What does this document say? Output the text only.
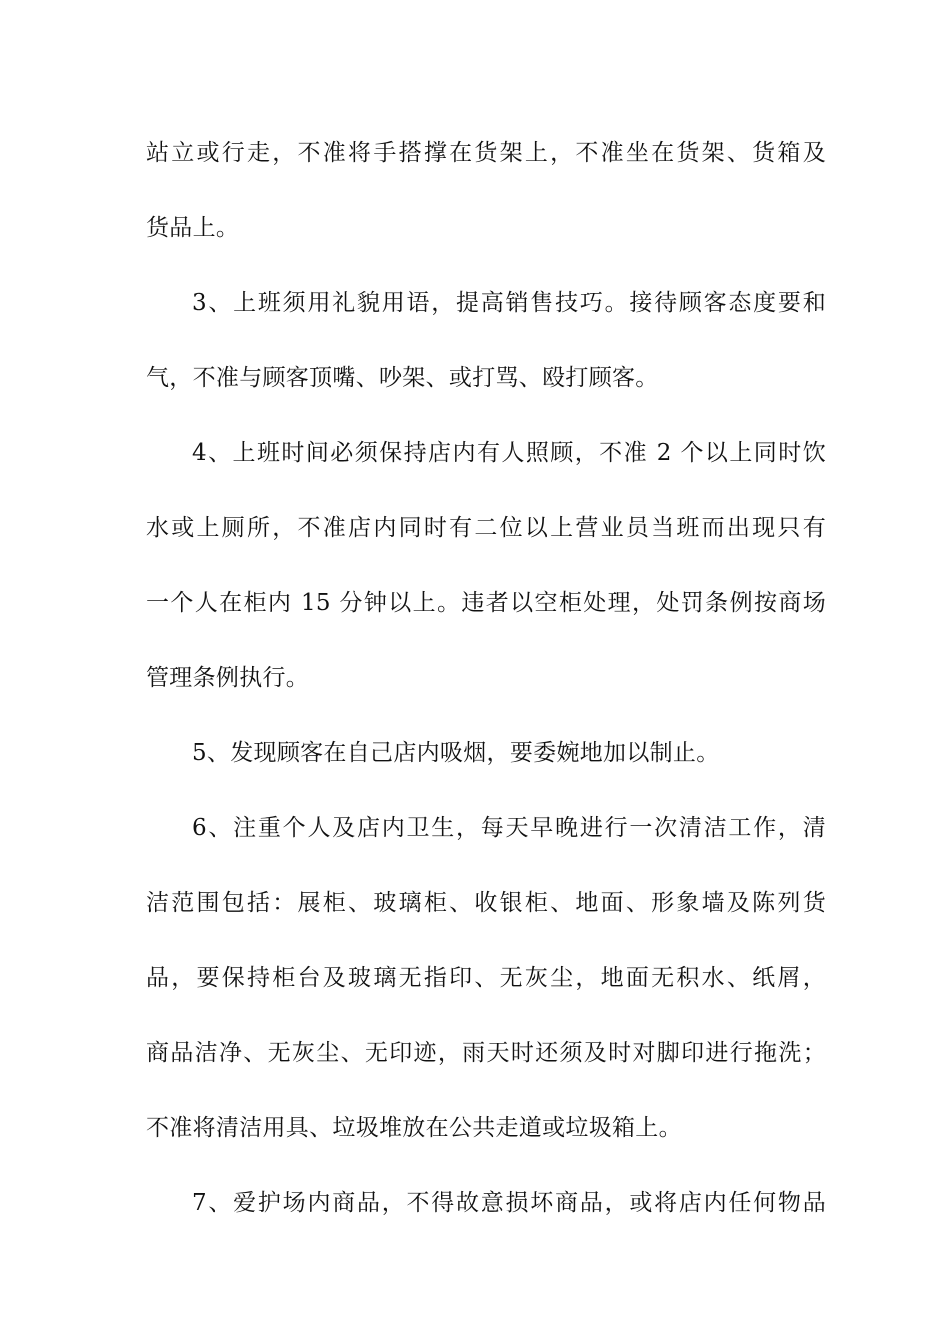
站立或行走，不准将手搭撑在货架上，不准坐在货架、货箱及
货品上。
3、上班须用礼貌用语，提高销售技巧。接待顾客态度要和
气，不准与顾客顶嘴、吵架、或打骂、殴打顾客。
4、上班时间必须保持店内有人照顾，不准 2 个以上同时饮
水或上厕所，不准店内同时有二位以上营业员当班而出现只有
一个人在柜内 15 分钟以上。违者以空柜处理，处罚条例按商场
管理条例执行。
5、发现顾客在自己店内吸烟，要委婉地加以制止。
6、注重个人及店内卫生，每天早晚进行一次清洁工作，清
洁范围包括：展柜、玻璃柜、收银柜、地面、形象墙及陈列货
品，要保持柜台及玻璃无指印、无灰尘，地面无积水、纸屑，
商品洁净、无灰尘、无印迹，雨天时还须及时对脚印进行拖洗；
不准将清洁用具、垃圾堆放在公共走道或垃圾箱上。
7、爱护场内商品，不得故意损坏商品，或将店内任何物品
